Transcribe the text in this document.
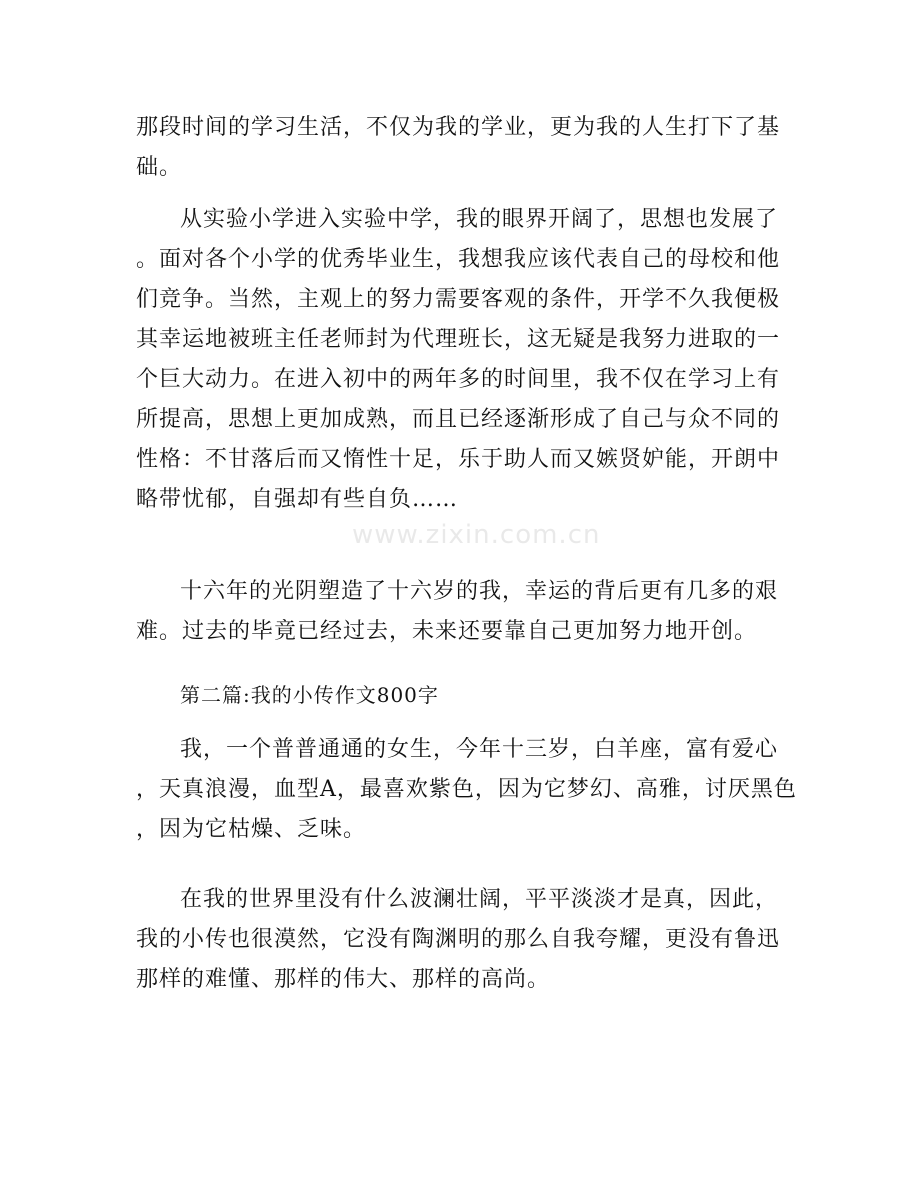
www.zixin.com.cn
那段时间的学习生活，不仅为我的学业，更为我的人生打下了基
础。
从实验小学进入实验中学，我的眼界开阔了，思想也发展了
。面对各个小学的优秀毕业生，我想我应该代表自己的母校和他
们竞争。当然，主观上的努力需要客观的条件，开学不久我便极
其幸运地被班主任老师封为代理班长，这无疑是我努力进取的一
个巨大动力。在进入初中的两年多的时间里，我不仅在学习上有
所提高，思想上更加成熟，而且已经逐渐形成了自己与众不同的
性格：不甘落后而又惰性十足，乐于助人而又嫉贤妒能，开朗中
略带忧郁，自强却有些自负……
十六年的光阴塑造了十六岁的我，幸运的背后更有几多的艰
难。过去的毕竟已经过去，未来还要靠自己更加努力地开创。
第二篇:我的小传作文800字
我，一个普普通通的女生，今年十三岁，白羊座，富有爱心
，天真浪漫，血型A，最喜欢紫色，因为它梦幻、高雅，讨厌黑色
，因为它枯燥、乏味。
在我的世界里没有什么波澜壮阔，平平淡淡才是真，因此，
我的小传也很漠然，它没有陶渊明的那么自我夸耀，更没有鲁迅
那样的难懂、那样的伟大、那样的高尚。
